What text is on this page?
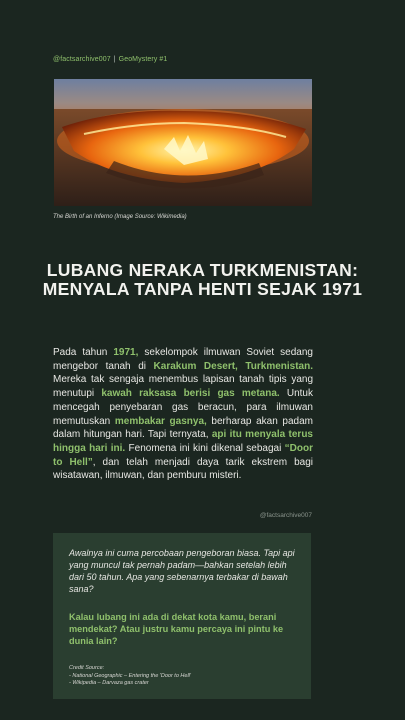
@factsarchive007 | GeoMystery #1
The Birth of an Inferno (Image Source: Wikimedia)
LUBANG NERAKA TURKMENISTAN: MENYALA TANPA HENTI SEJAK 1971

Pada tahun 1971, sekelompok ilmuwan Soviet sedang mengebor tanah di Karakum Desert, Turkmenistan. Mereka tak sengaja menembus lapisan tanah tipis yang menutupi kawah raksasa berisi gas metana. Untuk mencegah penyebaran gas beracun, para ilmuwan memutuskan membakar gasnya, berharap akan padam dalam hitungan hari. Tapi ternyata, api itu menyala terus hingga hari ini. Fenomena ini kini dikenal sebagai “Door to Hell”, dan telah menjadi daya tarik ekstrem bagi wisatawan, ilmuwan, dan pemburu misteri.

@factsarchive007

Awalnya ini cuma percobaan pengeboran biasa. Tapi api yang muncul tak pernah padam—bahkan setelah lebih dari 50 tahun. Apa yang sebenarnya terbakar di bawah sana?

Kalau lubang ini ada di dekat kota kamu, berani mendekat? Atau justru kamu percaya ini pintu ke dunia lain?

Credit Source:
- National Geographic – Entering the 'Door to Hell'
- Wikipedia – Darvaza gas crater
